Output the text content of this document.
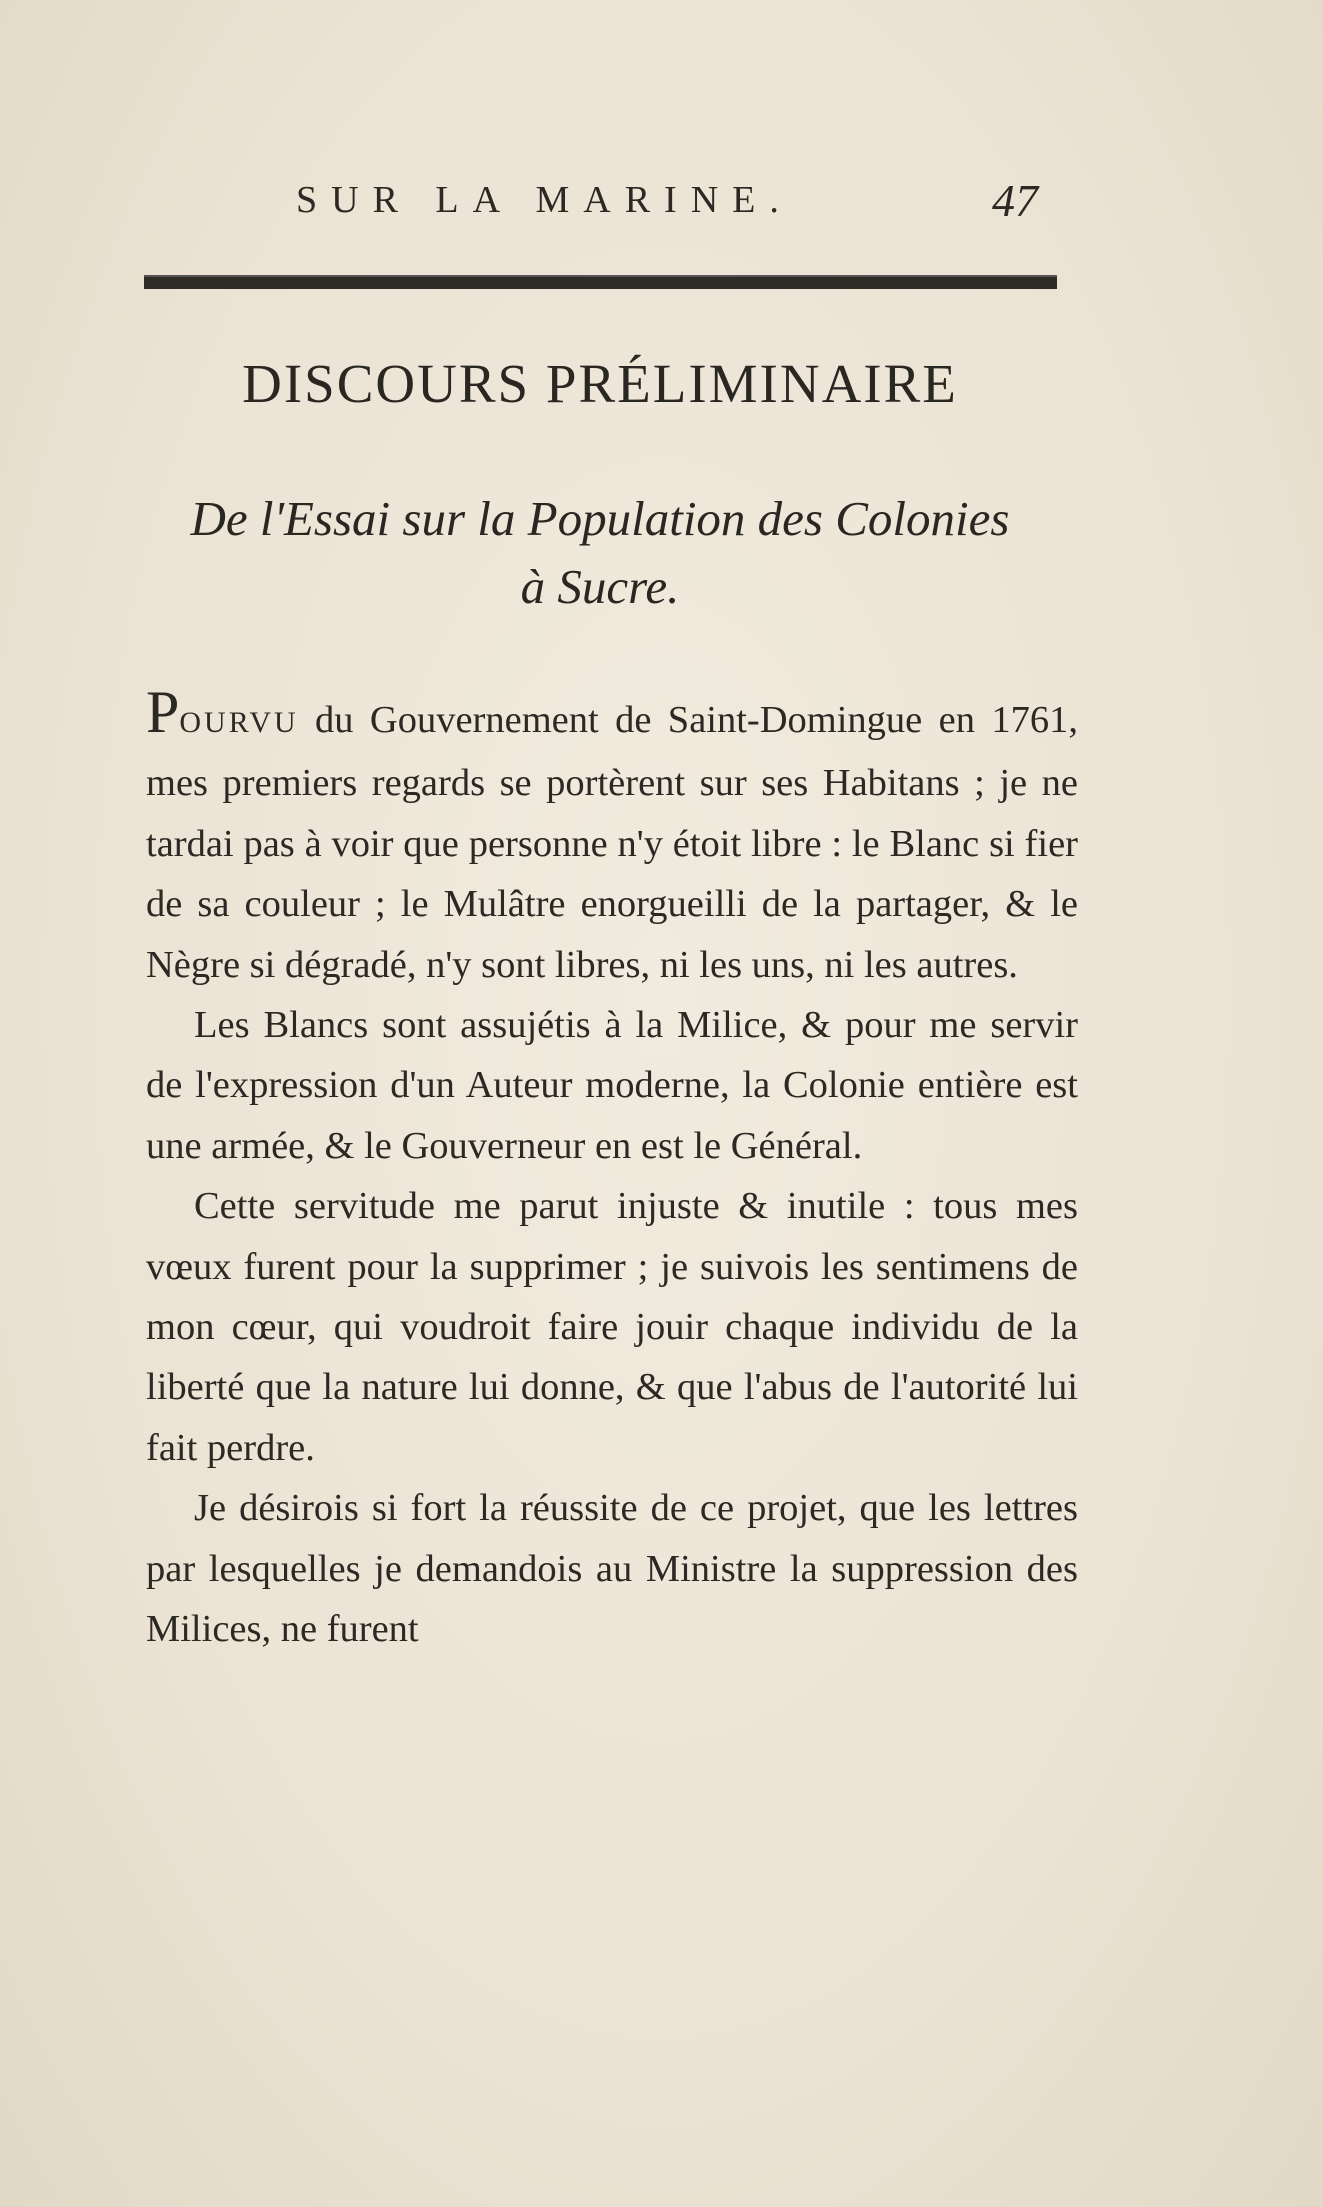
SUR LA MARINE.	47
DISCOURS PRÉLIMINAIRE
De l'Essai sur la Population des Colonies
à Sucre.

POURVU du Gouvernement de Saint-Domingue en 1761, mes premiers regards se portèrent sur ses Habitans ; je ne tardai pas à voir que personne n'y étoit libre : le Blanc si fier de sa couleur ; le Mulâtre enorgueilli de la partager, & le Nègre si dégradé, n'y sont libres, ni les uns, ni les autres.

Les Blancs sont assujétis à la Milice, & pour me servir de l'expression d'un Auteur moderne, la Colonie entière est une armée, & le Gouverneur en est le Général.

Cette servitude me parut injuste & inutile : tous mes vœux furent pour la supprimer ; je suivois les sentimens de mon cœur, qui voudroit faire jouir chaque individu de la liberté que la nature lui donne, & que l'abus de l'autorité lui fait perdre.

Je désirois si fort la réussite de ce projet, que les lettres par lesquelles je demandois au Ministre la suppression des Milices, ne furent
